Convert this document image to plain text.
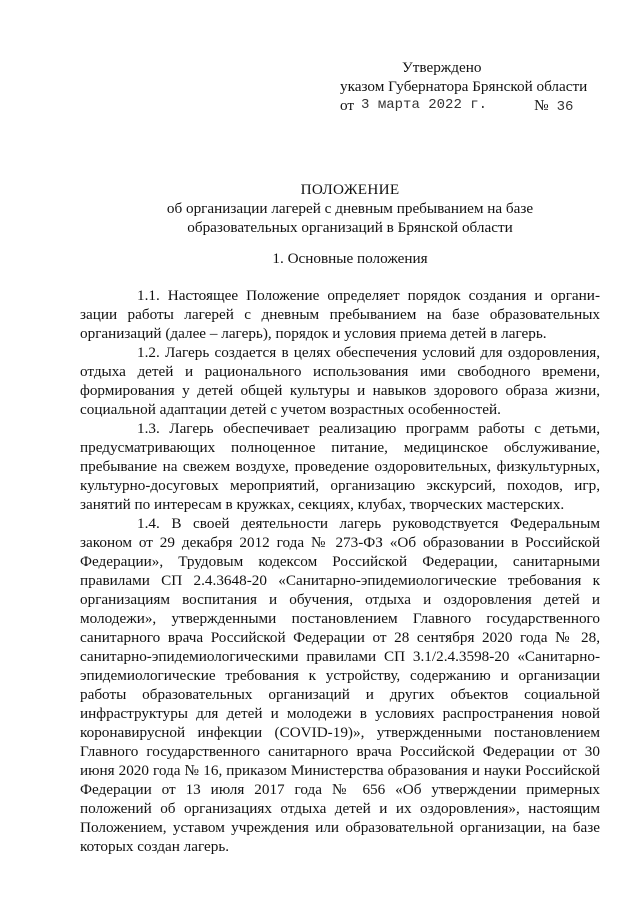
Утверждено
указом Губернатора Брянской области
от 3 марта 2022 г.	№ 36
ПОЛОЖЕНИЕ
об организации лагерей с дневным пребыванием на базе
образовательных организаций в Брянской области
1. Основные положения

1.1. Настоящее Положение определяет порядок создания и организации работы лагерей с дневным пребыванием на базе образовательных организаций (далее – лагерь), порядок и условия приема детей в лагерь.

1.2. Лагерь создается в целях обеспечения условий для оздоровления, отдыха детей и рационального использования ими свободного времени, формирования у детей общей культуры и навыков здорового образа жизни, социальной адаптации детей с учетом возрастных особенностей.

1.3. Лагерь обеспечивает реализацию программ работы с детьми, предусматривающих полноценное питание, медицинское обслуживание, пребывание на свежем воздухе, проведение оздоровительных, физкультурных, культурно-досуговых мероприятий, организацию экскурсий, походов, игр, занятий по интересам в кружках, секциях, клубах, творческих мастерских.

1.4. В своей деятельности лагерь руководствуется Федеральным законом от 29 декабря 2012 года № 273-ФЗ «Об образовании в Российской Федерации», Трудовым кодексом Российской Федерации, санитарными правилами СП 2.4.3648-20 «Санитарно-эпидемиологические требования к организациям воспитания и обучения, отдыха и оздоровления детей и молодежи», утвержденными постановлением Главного государственного санитарного врача Российской Федерации от 28 сентября 2020 года № 28, санитарно-эпидемиологическими правилами СП 3.1/2.4.3598-20 «Санитарно-эпидемиологические требования к устройству, содержанию и организации работы образовательных организаций и других объектов социальной инфраструктуры для детей и молодежи в условиях распространения новой коронавирусной инфекции (COVID-19)», утвержденными постановлением Главного государственного санитарного врача Российской Федерации от 30 июня 2020 года № 16, приказом Министерства образования и науки Российской Федерации от 13 июля 2017 года № 656 «Об утверждении примерных положений об организациях отдыха детей и их оздоровления», настоящим Положением, уставом учреждения или образовательной организации, на базе которых создан лагерь.
